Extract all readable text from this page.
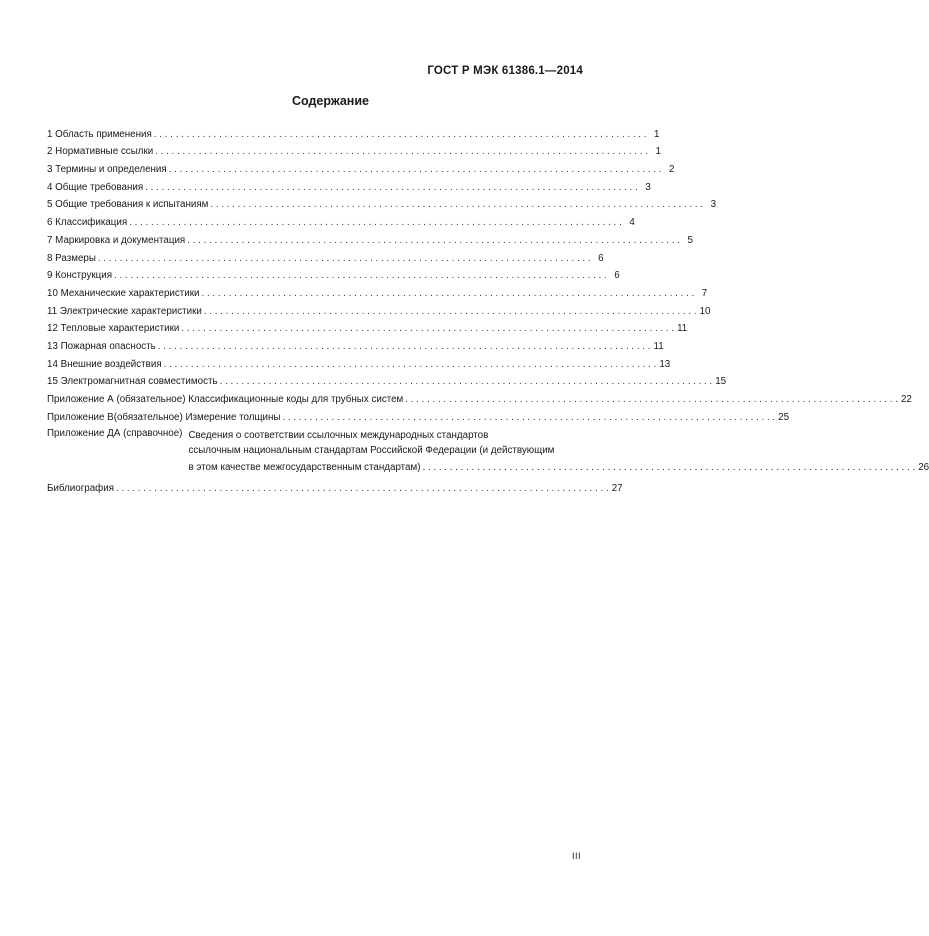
ГОСТ Р МЭК 61386.1—2014
Содержание
1 Область применения . . .	1
2 Нормативные ссылки . . .	1
3 Термины и определения . . .	2
4 Общие требования . . .	3
5 Общие требования к испытаниям . . .	3
6 Классификация . . .	4
7 Маркировка и документация . . .	5
8 Размеры . . .	6
9 Конструкция . . .	6
10 Механические характеристики . . .	7
11 Электрические характеристики . . .	10
12 Тепловые характеристики . . .	11
13 Пожарная опасность . . .	11
14 Внешние воздействия . . .	13
15 Электромагнитная совместимость . . .	15
Приложение А (обязательное) Классификационные коды для трубных систем . . .	22
Приложение В(обязательное) Измерение толщины . . .	25
Приложение ДА (справочное) Сведения о соответствии ссылочных международных стандартов
ссылочным национальным стандартам Российской Федерации (и действующим
в этом качестве межгосударственным стандартам) . . .	26
Библиография . . .	27
III
